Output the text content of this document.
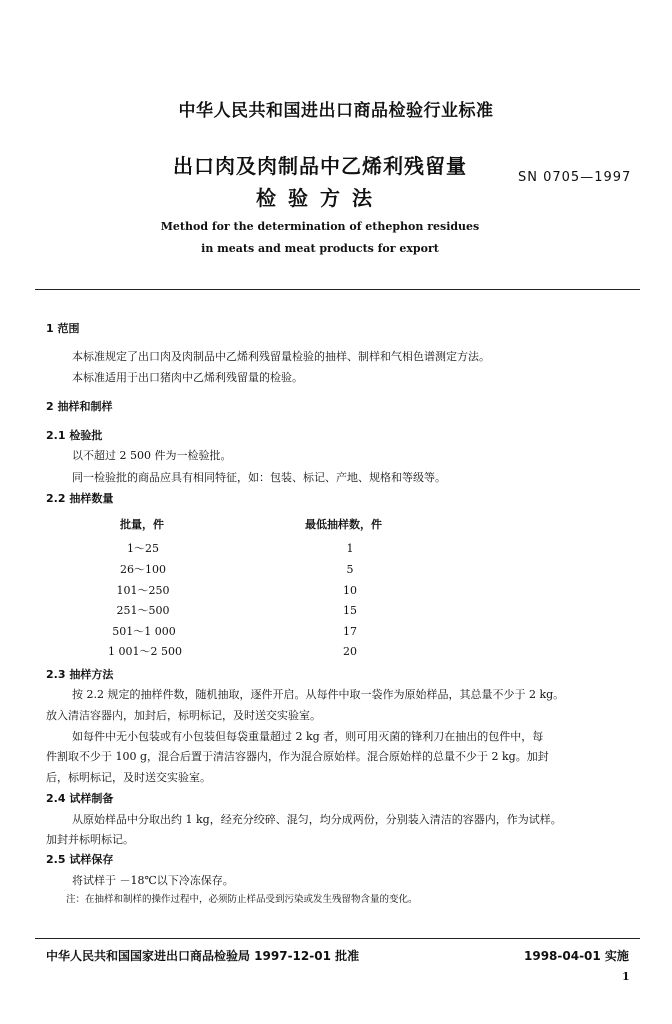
中华人民共和国进出口商品检验行业标准
出口肉及肉制品中乙烯利残留量
检验方法
SN 0705—1997
Method for the determination of ethephon residues
in meats and meat products for export
1 范围
本标准规定了出口肉及肉制品中乙烯利残留量检验的抽样、制样和气相色谱测定方法。
本标准适用于出口猪肉中乙烯利残留量的检验。
2 抽样和制样
2.1 检验批
以不超过 2 500 件为一检验批。
同一检验批的商品应具有相同特征，如：包装、标记、产地、规格和等级等。
2.2 抽样数量
批量，件	最低抽样数，件
1～25	1
26～100	5
101～250	10
251～500	15
501～1 000	17
1 001～2 500	20
2.3 抽样方法
按 2.2 规定的抽样件数，随机抽取，逐件开启。从每件中取一袋作为原始样品，其总量不少于 2 kg。
放入清洁容器内，加封后，标明标记，及时送交实验室。
如每件中无小包装或有小包装但每袋重量超过 2 kg 者，则可用灭菌的锋利刀在抽出的包件中，每
件割取不少于 100 g，混合后置于清洁容器内，作为混合原始样。混合原始样的总量不少于 2 kg。加封
后，标明标记，及时送交实验室。
2.4 试样制备
从原始样品中分取出约 1 kg，经充分绞碎、混匀，均分成两份，分别装入清洁的容器内，作为试样。
加封并标明标记。
2.5 试样保存
将试样于 －18℃以下冷冻保存。
注：在抽样和制样的操作过程中，必须防止样品受到污染或发生残留物含量的变化。
中华人民共和国国家进出口商品检验局 1997-12-01 批准	1998-04-01 实施
1
